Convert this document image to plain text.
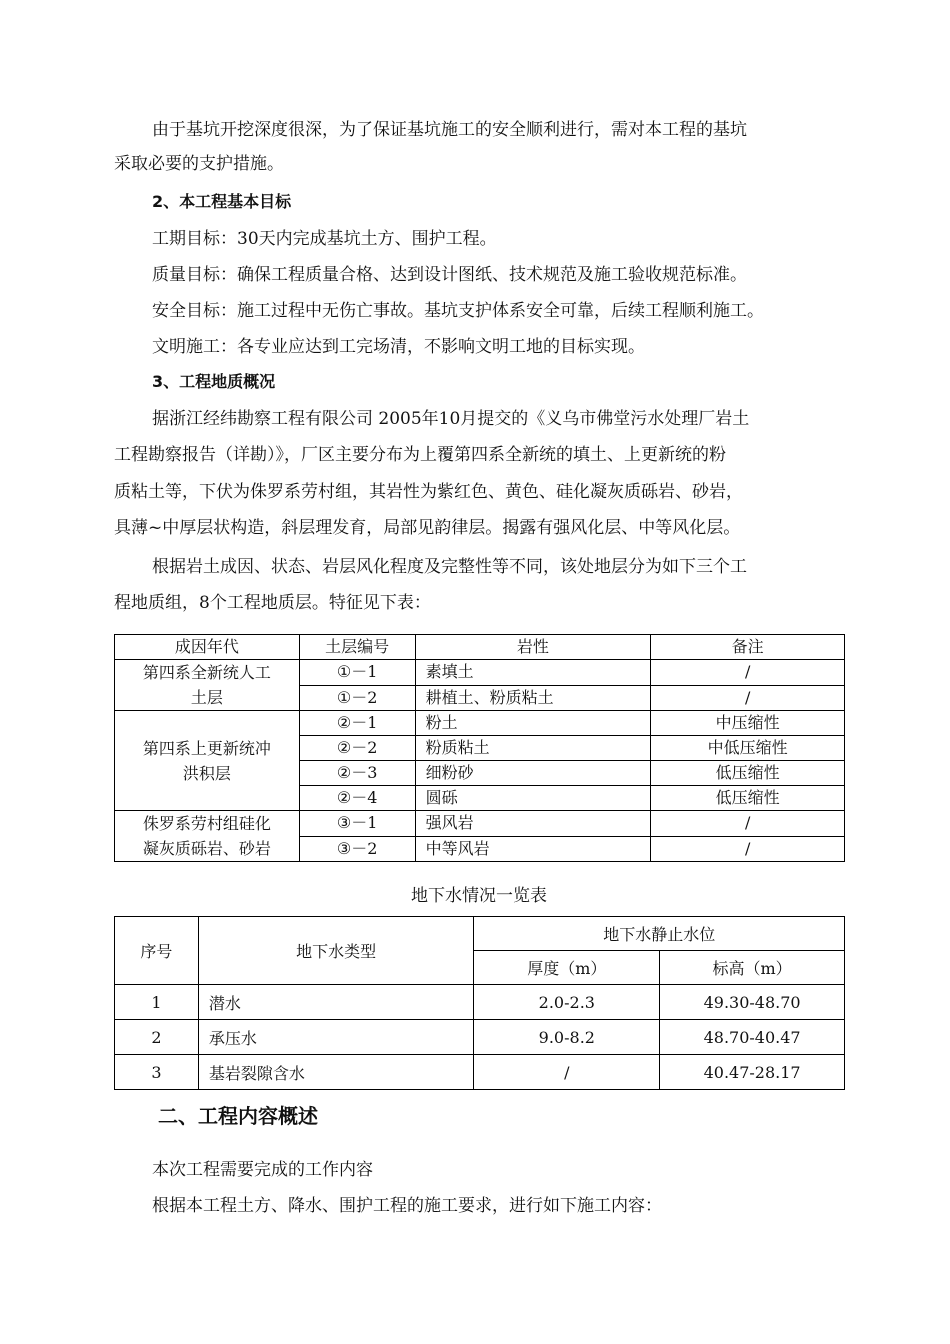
由于基坑开挖深度很深，为了保证基坑施工的安全顺利进行，需对本工程的基坑
采取必要的支护措施。
2、本工程基本目标
工期目标：30天内完成基坑土方、围护工程。
质量目标：确保工程质量合格、达到设计图纸、技术规范及施工验收规范标准。
安全目标：施工过程中无伤亡事故。基坑支护体系安全可靠，后续工程顺利施工。
文明施工：各专业应达到工完场清，不影响文明工地的目标实现。
3、工程地质概况
据浙江经纬勘察工程有限公司 2005年10月提交的《义乌市佛堂污水处理厂岩土
工程勘察报告（详勘）》，厂区主要分布为上覆第四系全新统的填土、上更新统的粉
质粘土等，下伏为侏罗系劳村组，其岩性为紫红色、黄色、硅化凝灰质砾岩、砂岩，
具薄~中厚层状构造，斜层理发育，局部见韵律层。揭露有强风化层、中等风化层。
根据岩土成因、状态、岩层风化程度及完整性等不同，该处地层分为如下三个工
程地质组，8个工程地质层。特征见下表：
成因年代	土层编号	岩性	备注

第四系全新统人工
土层	①－1	素填土	/
	①－2	耕植土、粉质粘土	/

第四系上更新统冲
洪积层	②－1	粉土	中压缩性
	②－2	粉质粘土	中低压缩性
	②－3	细粉砂	低压缩性
	②－4	圆砾	低压缩性

侏罗系劳村组硅化
凝灰质砾岩、砂岩	③－1	强风岩	/
	③－2	中等风岩	/
地下水情况一览表
序号	地下水类型	地下水静止水位	
		厚度（m）	标高（m）
1	潜水	2.0-2.3	49.30-48.70
2	承压水	9.0-8.2	48.70-40.47
3	基岩裂隙含水	/	40.47-28.17
二、工程内容概述
本次工程需要完成的工作内容
根据本工程土方、降水、围护工程的施工要求，进行如下施工内容：
